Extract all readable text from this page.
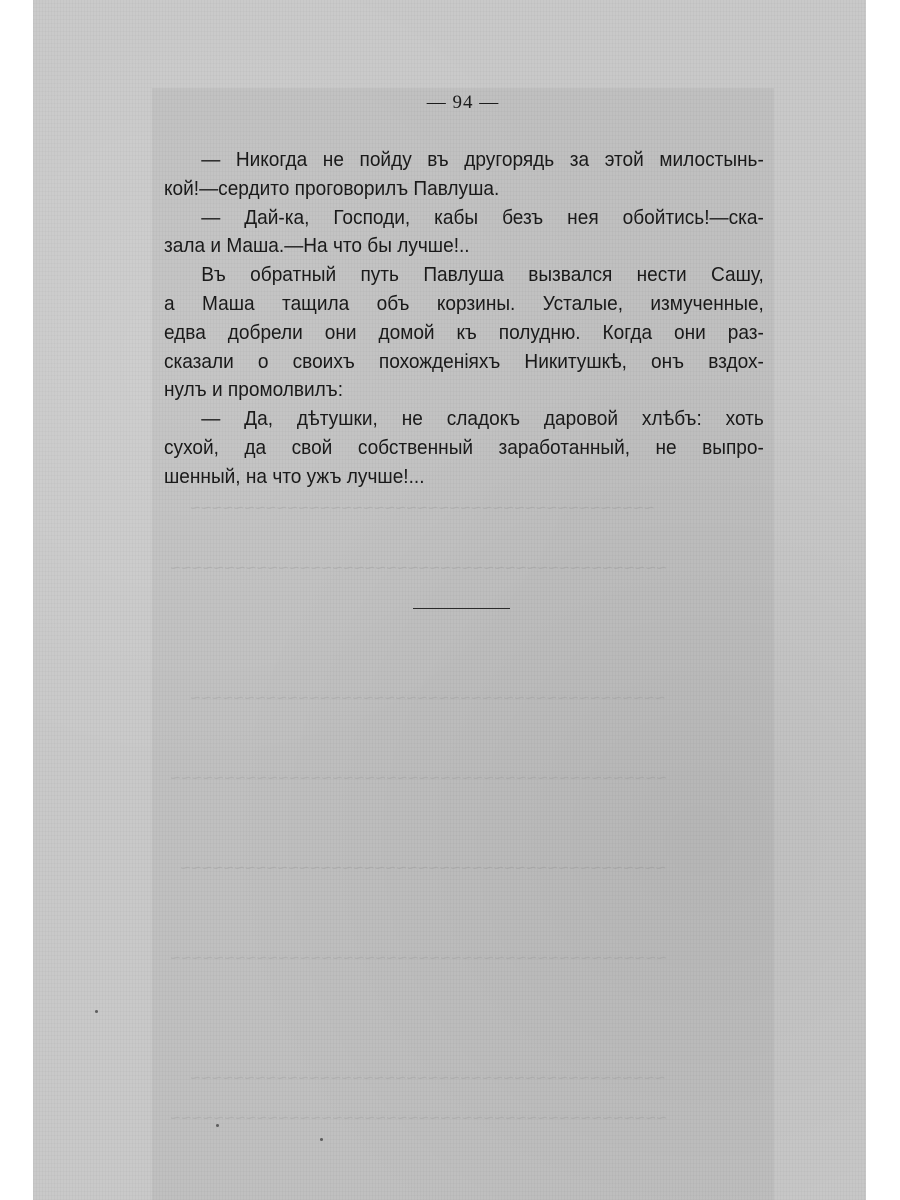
— 94 —

— Никогда не пойду въ другорядь за этой милостынь-
кой!—сердито проговорилъ Павлуша.

— Дай-ка, Господи, кабы безъ нея обойтись!—ска-
зала и Маша.—На что бы лучше!..

Въ обратный путь Павлуша вызвался нести Сашу,
а Маша тащила объ корзины. Усталые, измученные,
едва добрели они домой къ полудню. Когда они раз-
сказали о своихъ похожденіяхъ Никитушкѣ, онъ вздох-
нулъ и промолвилъ:

— Да, дѣтушки, не сладокъ даровой хлѣбъ: хоть
сухой, да свой собственный заработанный, не выпро-
шенный, на что ужъ лучше!...
